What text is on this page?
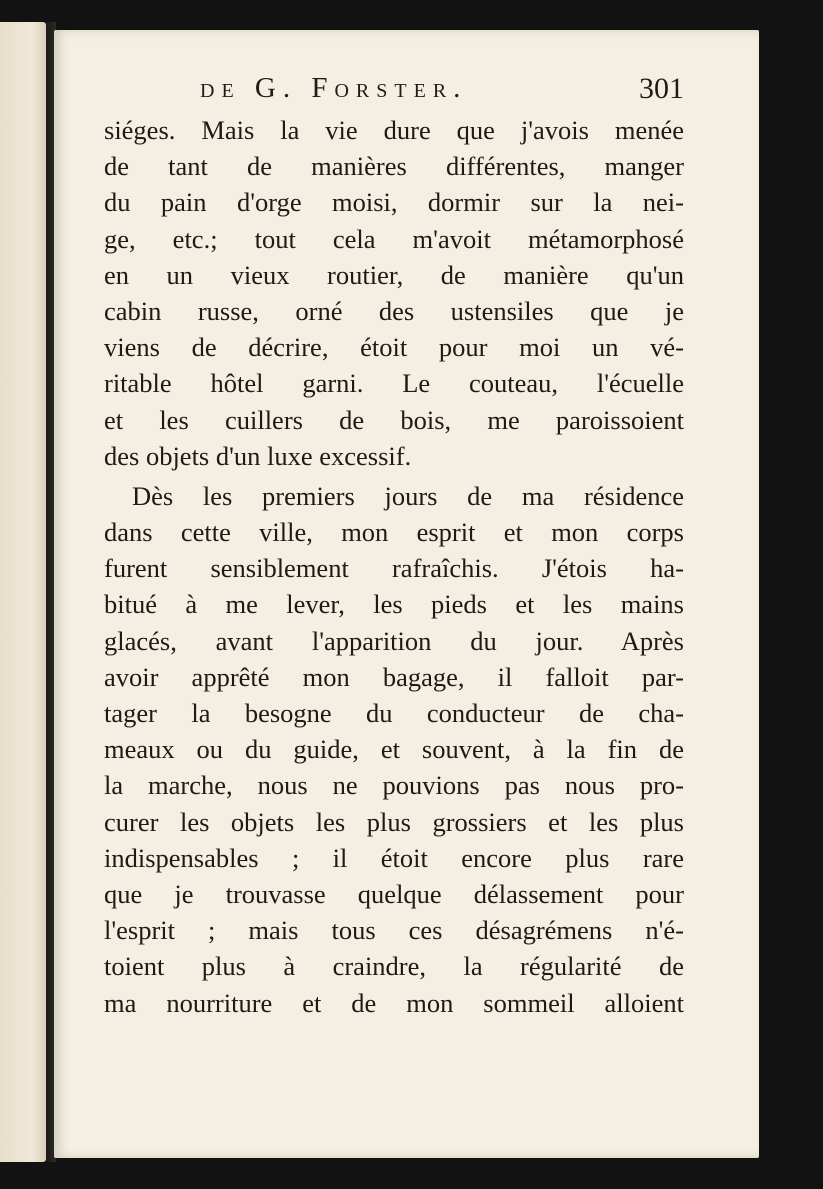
de G. Forster.	301
siéges. Mais la vie dure que j'avois menée
de tant de manières différentes, manger
du pain d'orge moisi, dormir sur la nei-
ge, etc.; tout cela m'avoit métamorphosé
en un vieux routier, de manière qu'un
cabin russe, orné des ustensiles que je
viens de décrire, étoit pour moi un vé-
ritable hôtel garni. Le couteau, l'écuelle
et les cuillers de bois, me paroissoient
des objets d'un luxe excessif.
Dès les premiers jours de ma résidence
dans cette ville, mon esprit et mon corps
furent sensiblement rafraîchis. J'étois ha-
bitué à me lever, les pieds et les mains
glacés, avant l'apparition du jour. Après
avoir apprêté mon bagage, il falloit par-
tager la besogne du conducteur de cha-
meaux ou du guide, et souvent, à la fin de
la marche, nous ne pouvions pas nous pro-
curer les objets les plus grossiers et les plus
indispensables ; il étoit encore plus rare
que je trouvasse quelque délassement pour
l'esprit ; mais tous ces désagrémens n'é-
toient plus à craindre, la régularité de
ma nourriture et de mon sommeil alloient
